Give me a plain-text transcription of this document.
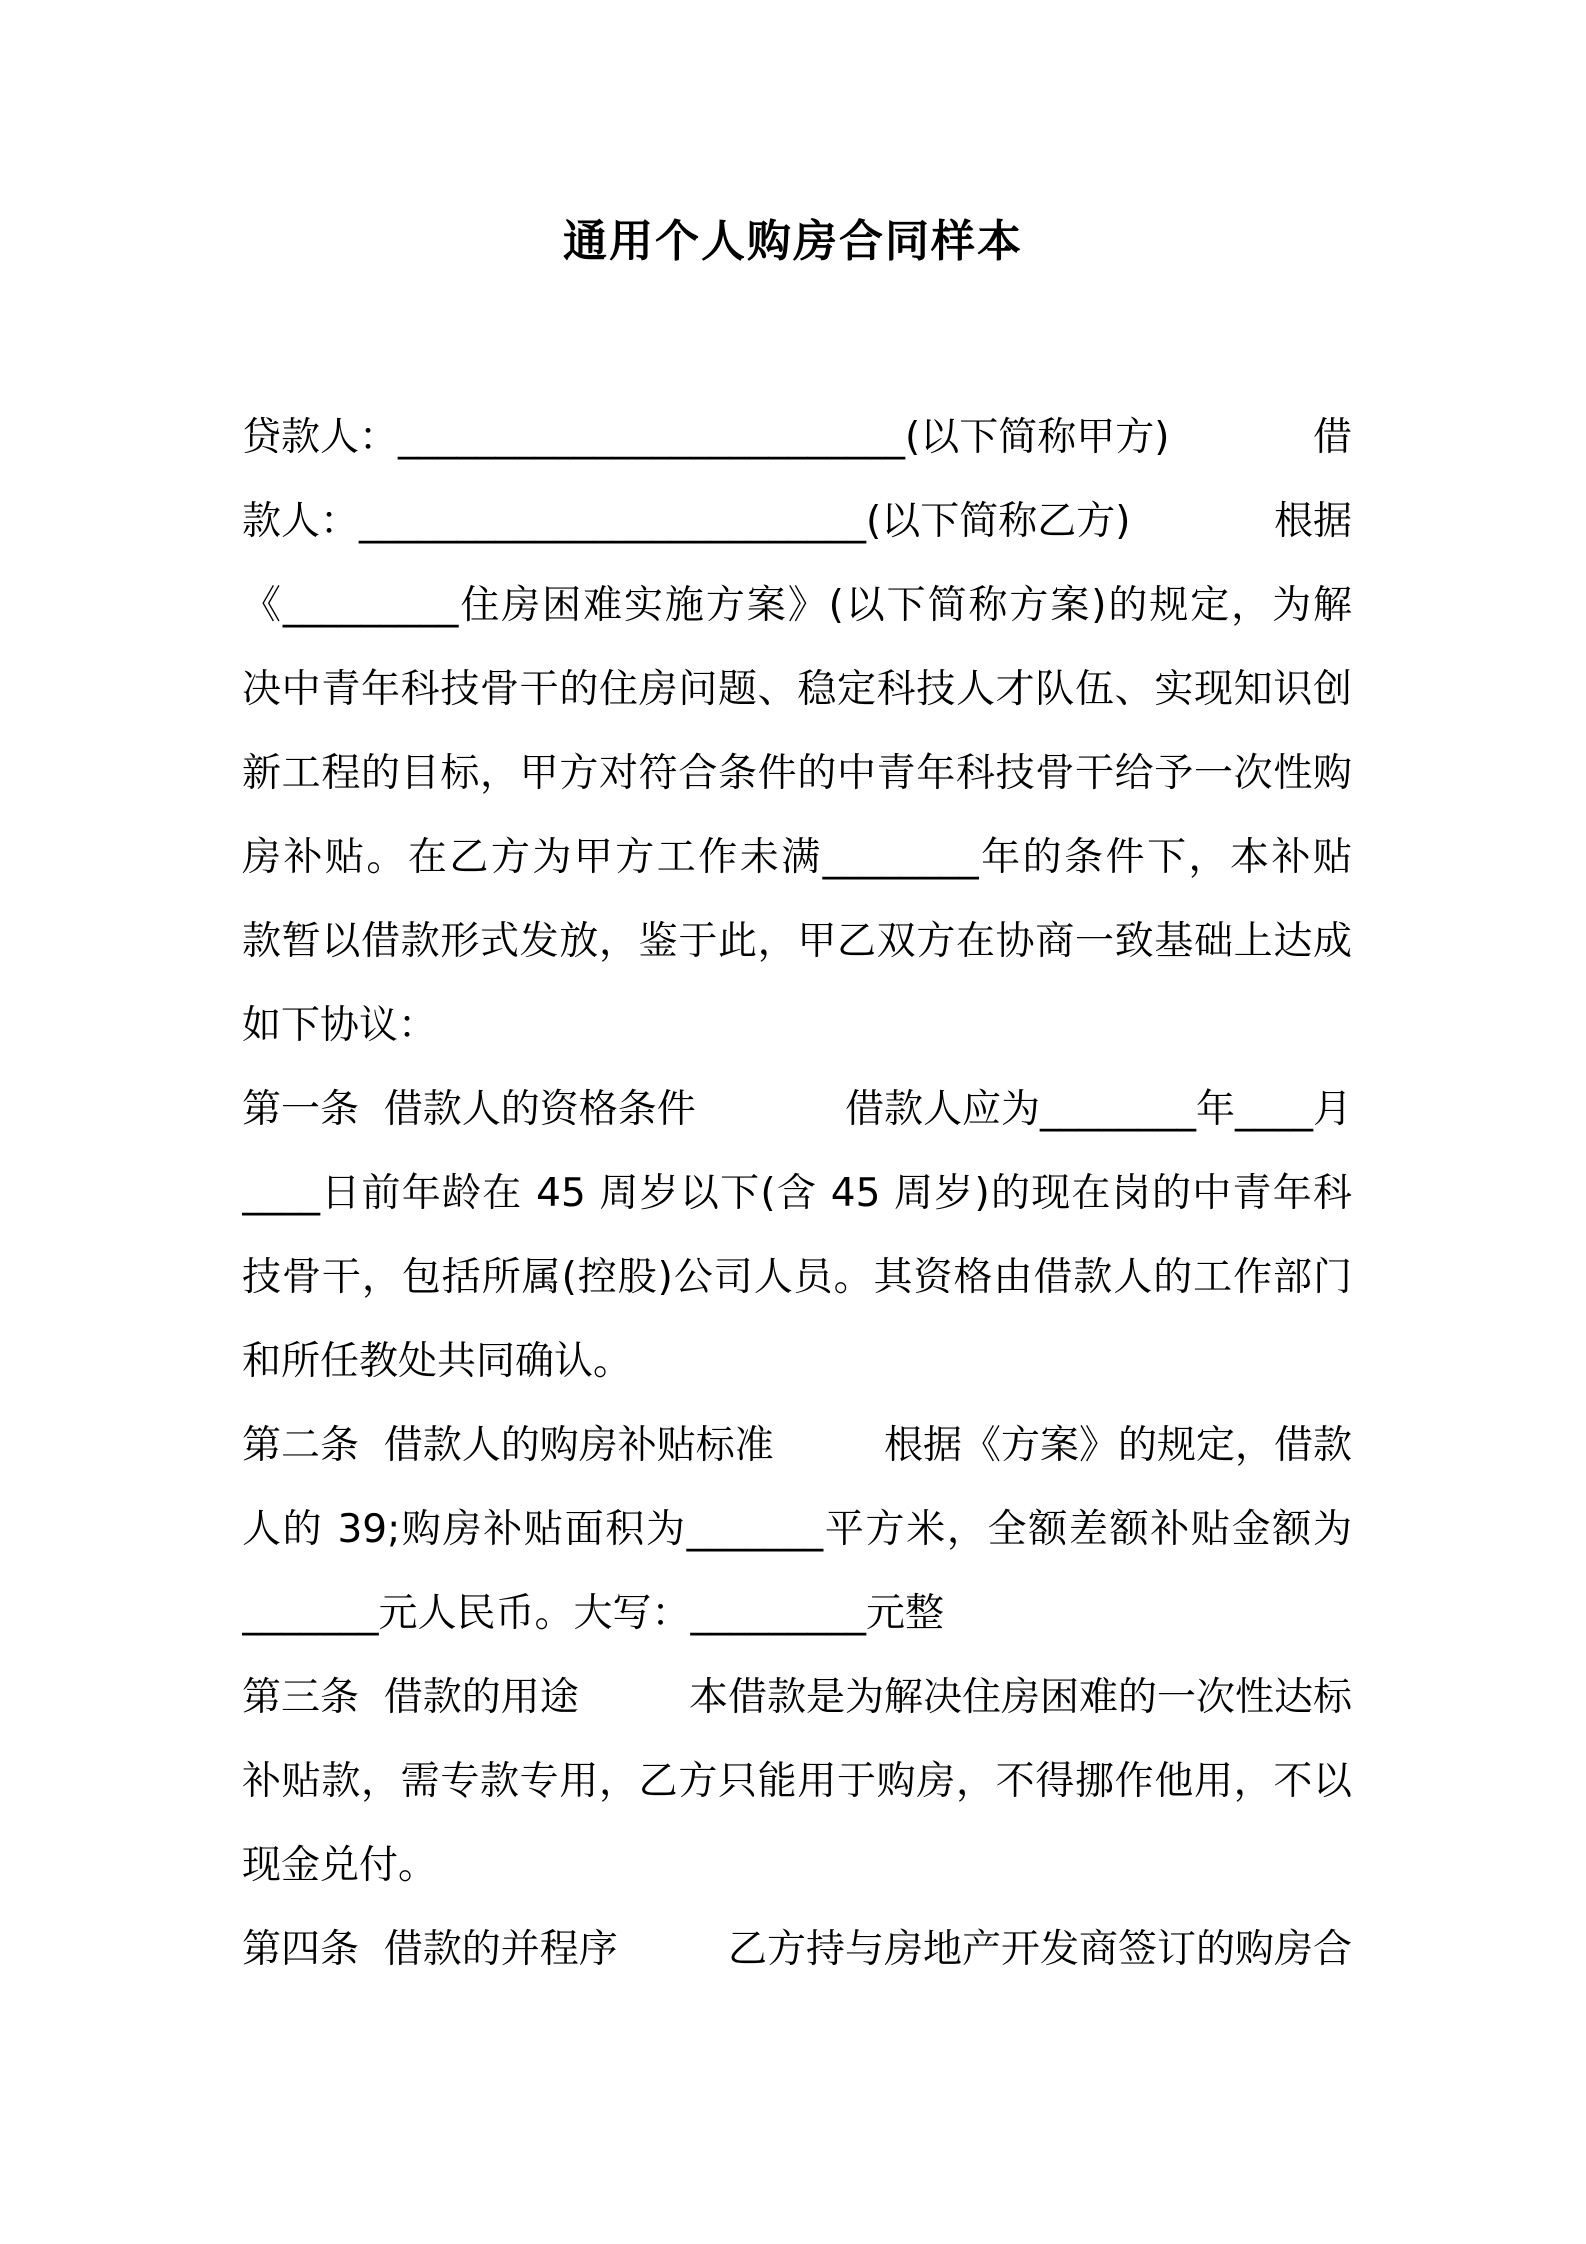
通用个人购房合同样本
贷款人：__________________________(以下简称甲方)	借
款人：__________________________(以下简称乙方)	根据
《_________住房困难实施方案》(以下简称方案)的规定，为解
决中青年科技骨干的住房问题、稳定科技人才队伍、实现知识创
新工程的目标，甲方对符合条件的中青年科技骨干给予一次性购
房补贴。在乙方为甲方工作未满________年的条件下，本补贴
款暂以借款形式发放，鉴于此，甲乙双方在协商一致基础上达成
如下协议：
第一条  借款人的资格条件	借款人应为________年____月
____日前年龄在 45 周岁以下(含 45 周岁)的现在岗的中青年科
技骨干，包括所属(控股)公司人员。其资格由借款人的工作部门
和所任教处共同确认。
第二条  借款人的购房补贴标准	根据《方案》的规定，借款
人的 39;购房补贴面积为_______平方米，全额差额补贴金额为
_______元人民币。大写：_________元整
第三条  借款的用途	本借款是为解决住房困难的一次性达标
补贴款，需专款专用，乙方只能用于购房，不得挪作他用，不以
现金兑付。
第四条  借款的并程序	乙方持与房地产开发商签订的购房合
